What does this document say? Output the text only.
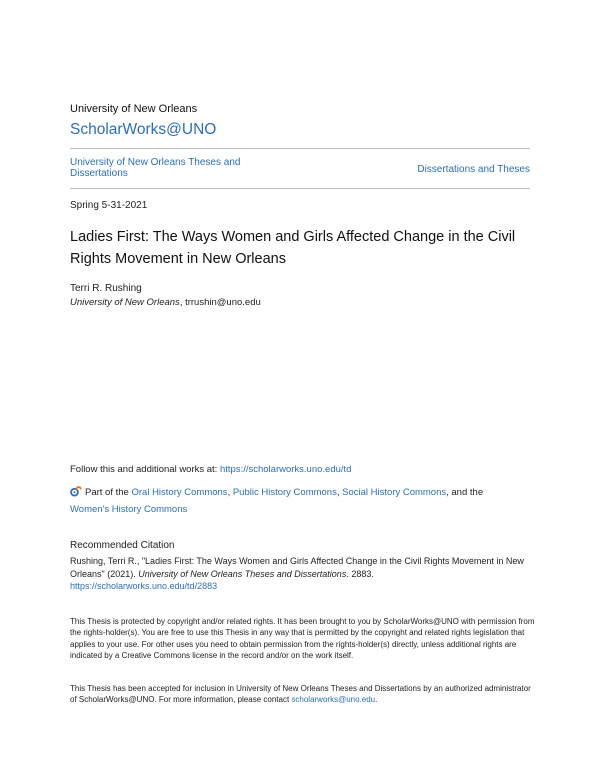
University of New Orleans
ScholarWorks@UNO
University of New Orleans Theses and Dissertations	Dissertations and Theses
Spring 5-31-2021
Ladies First: The Ways Women and Girls Affected Change in the Civil Rights Movement in New Orleans
Terri R. Rushing
University of New Orleans, trrushin@uno.edu
Follow this and additional works at: https://scholarworks.uno.edu/td
Part of the Oral History Commons, Public History Commons, Social History Commons, and the
Women's History Commons
Recommended Citation
Rushing, Terri R., "Ladies First: The Ways Women and Girls Affected Change in the Civil Rights Movement in New Orleans" (2021). University of New Orleans Theses and Dissertations. 2883.
https://scholarworks.uno.edu/td/2883
This Thesis is protected by copyright and/or related rights. It has been brought to you by ScholarWorks@UNO with permission from the rights-holder(s). You are free to use this Thesis in any way that is permitted by the copyright and related rights legislation that applies to your use. For other uses you need to obtain permission from the rights-holder(s) directly, unless additional rights are indicated by a Creative Commons license in the record and/or on the work itself.
This Thesis has been accepted for inclusion in University of New Orleans Theses and Dissertations by an authorized administrator of ScholarWorks@UNO. For more information, please contact scholarworks@uno.edu.
